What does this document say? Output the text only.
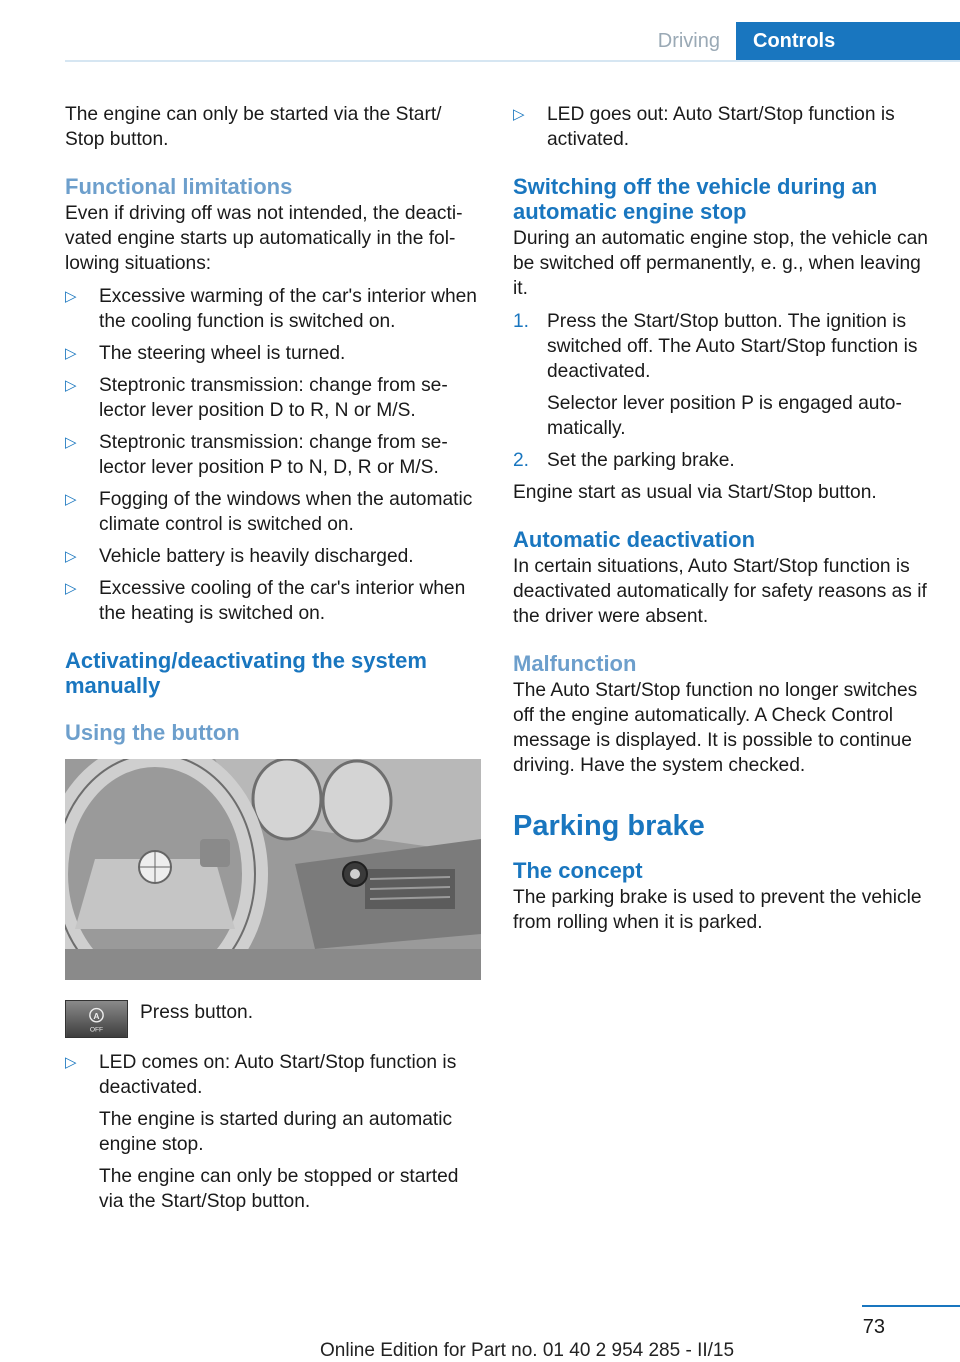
Driving	Controls

The engine can only be started via the Start/ Stop button.

Functional limitations

Even if driving off was not intended, the deactivated engine starts up automatically in the following situations:

▷ Excessive warming of the car's interior when the cooling function is switched on.
▷ The steering wheel is turned.
▷ Steptronic transmission: change from selector lever position D to R, N or M/S.
▷ Steptronic transmission: change from selector lever position P to N, D, R or M/S.
▷ Fogging of the windows when the automatic climate control is switched on.
▷ Vehicle battery is heavily discharged.
▷ Excessive cooling of the car's interior when the heating is switched on.
Activating/deactivating the system manually
Using the button
A
OFF

Press button.

▷ LED comes on: Auto Start/Stop function is deactivated.
The engine is started during an automatic engine stop.
The engine can only be stopped or started via the Start/Stop button.
▷ LED goes out: Auto Start/Stop function is activated.
Switching off the vehicle during an automatic engine stop

During an automatic engine stop, the vehicle can be switched off permanently, e. g., when leaving it.

1. Press the Start/Stop button. The ignition is switched off. The Auto Start/Stop function is deactivated.
Selector lever position P is engaged automatically.
2. Set the parking brake.

Engine start as usual via Start/Stop button.

Automatic deactivation

In certain situations, Auto Start/Stop function is deactivated automatically for safety reasons as if the driver were absent.

Malfunction

The Auto Start/Stop function no longer switches off the engine automatically. A Check Control message is displayed. It is possible to continue driving. Have the system checked.

Parking brake
The concept

The parking brake is used to prevent the vehicle from rolling when it is parked.

73
Online Edition for Part no. 01 40 2 954 285 - II/15
